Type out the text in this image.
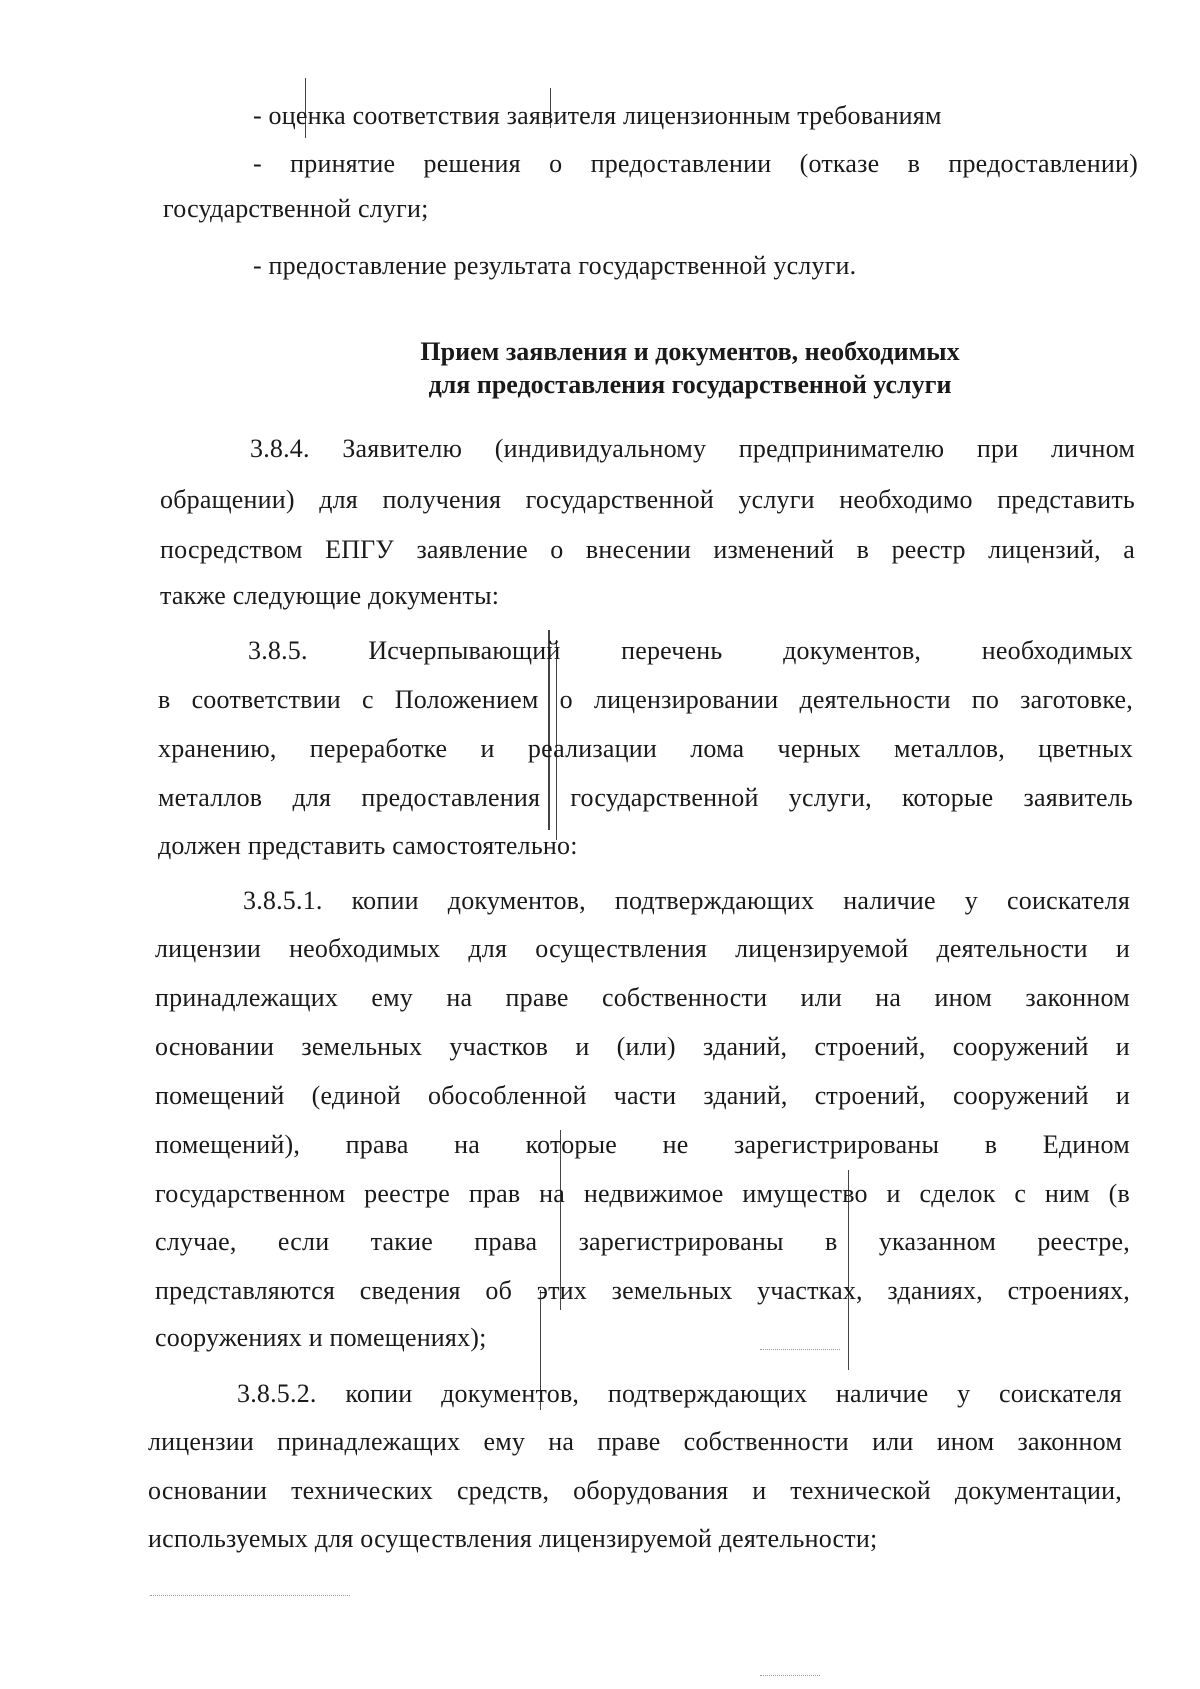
- оценка соответствия заявителя лицензионным требованиям
- принятие решения о предоставлении (отказе в предоставлении)
государственной слуги;
- предоставление результата государственной услуги.
Прием заявления и документов, необходимых
для предоставления государственной услуги
3.8.4. Заявителю (индивидуальному предпринимателю при личном
обращении) для получения государственной услуги необходимо представить
посредством ЕПГУ заявление о внесении изменений в реестр лицензий, а
также следующие документы:
3.8.5. Исчерпывающий перечень документов, необходимых
в соответствии с Положением о лицензировании деятельности по заготовке,
хранению, переработке и реализации лома черных металлов, цветных
металлов для предоставления государственной услуги, которые заявитель
должен представить самостоятельно:
3.8.5.1. копии документов, подтверждающих наличие у соискателя
лицензии необходимых для осуществления лицензируемой деятельности и
принадлежащих ему на праве собственности или на ином законном
основании земельных участков и (или) зданий, строений, сооружений и
помещений (единой обособленной части зданий, строений, сооружений и
помещений), права на которые не зарегистрированы в Едином
государственном реестре прав на недвижимое имущество и сделок с ним (в
случае, если такие права зарегистрированы в указанном реестре,
представляются сведения об этих земельных участках, зданиях, строениях,
сооружениях и помещениях);
3.8.5.2. копии документов, подтверждающих наличие у соискателя
лицензии принадлежащих ему на праве собственности или ином законном
основании технических средств, оборудования и технической документации,
используемых для осуществления лицензируемой деятельности;
